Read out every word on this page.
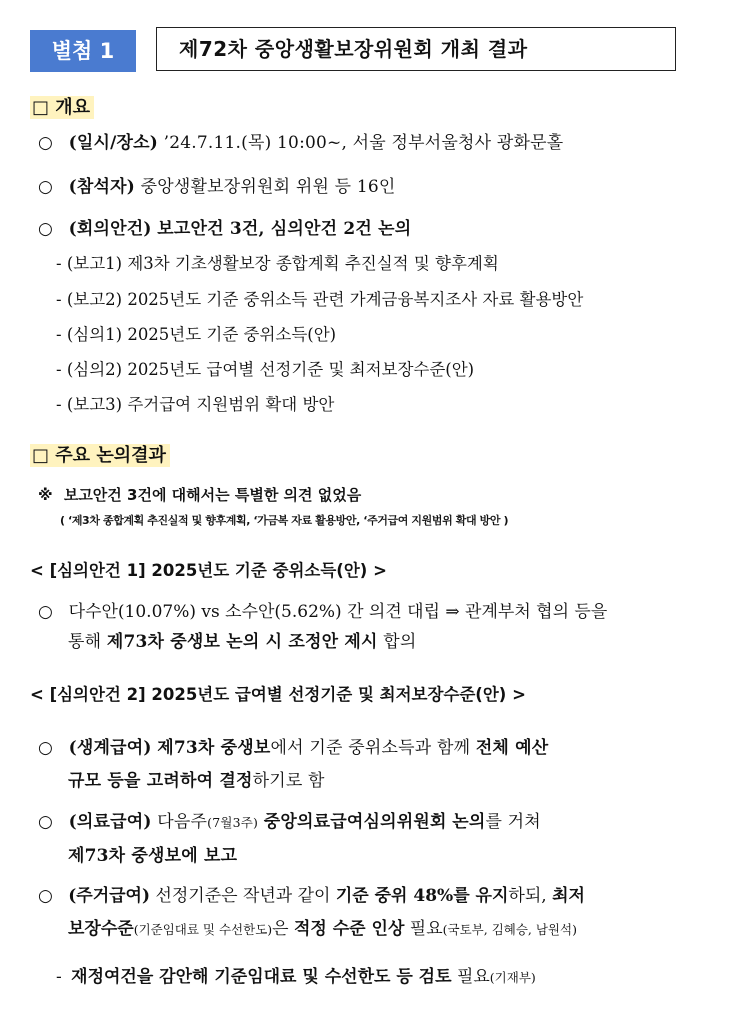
별첨 1	제72차 중앙생활보장위원회 개최 결과
□ 개요
○ (일시/장소) ’24.7.11.(목) 10:00~, 서울 정부서울청사 광화문홀
○ (참석자) 중앙생활보장위원회 위원 등 16인
○ (회의안건) 보고안건 3건, 심의안건 2건 논의
- (보고1) 제3차 기초생활보장 종합계획 추진실적 및 향후계획
- (보고2) 2025년도 기준 중위소득 관련 가계금융복지조사 자료 활용방안
- (심의1) 2025년도 기준 중위소득(안)
- (심의2) 2025년도 급여별 선정기준 및 최저보장수준(안)
- (보고3) 주거급여 지원범위 확대 방안
□ 주요 논의결과
※ 보고안건 3건에 대해서는 특별한 의견 없었음
( ‘제3차 종합계획 추진실적 및 향후계획, ‘가금복 자료 활용방안, ‘주거급여 지원범위 확대 방안 )
< [심의안건 1] 2025년도 기준 중위소득(안) >
○ 다수안(10.07%) vs 소수안(5.62%) 간 의견 대립 ⇒ 관계부처 협의 등을
통해 제73차 중생보 논의 시 조정안 제시 합의
< [심의안건 2] 2025년도 급여별 선정기준 및 최저보장수준(안) >
○ (생계급여) 제73차 중생보에서 기준 중위소득과 함께 전체 예산
규모 등을 고려하여 결정하기로 함
○ (의료급여) 다음주(7월3주) 중앙의료급여심의위원회 논의를 거쳐
제73차 중생보에 보고
○ (주거급여) 선정기준은 작년과 같이 기준 중위 48%를 유지하되, 최저
보장수준(기준임대료 및 수선한도)은 적정 수준 인상 필요(국토부, 김혜승, 남원석)
- 재정여건을 감안해 기준임대료 및 수선한도 등 검토 필요(기재부)
